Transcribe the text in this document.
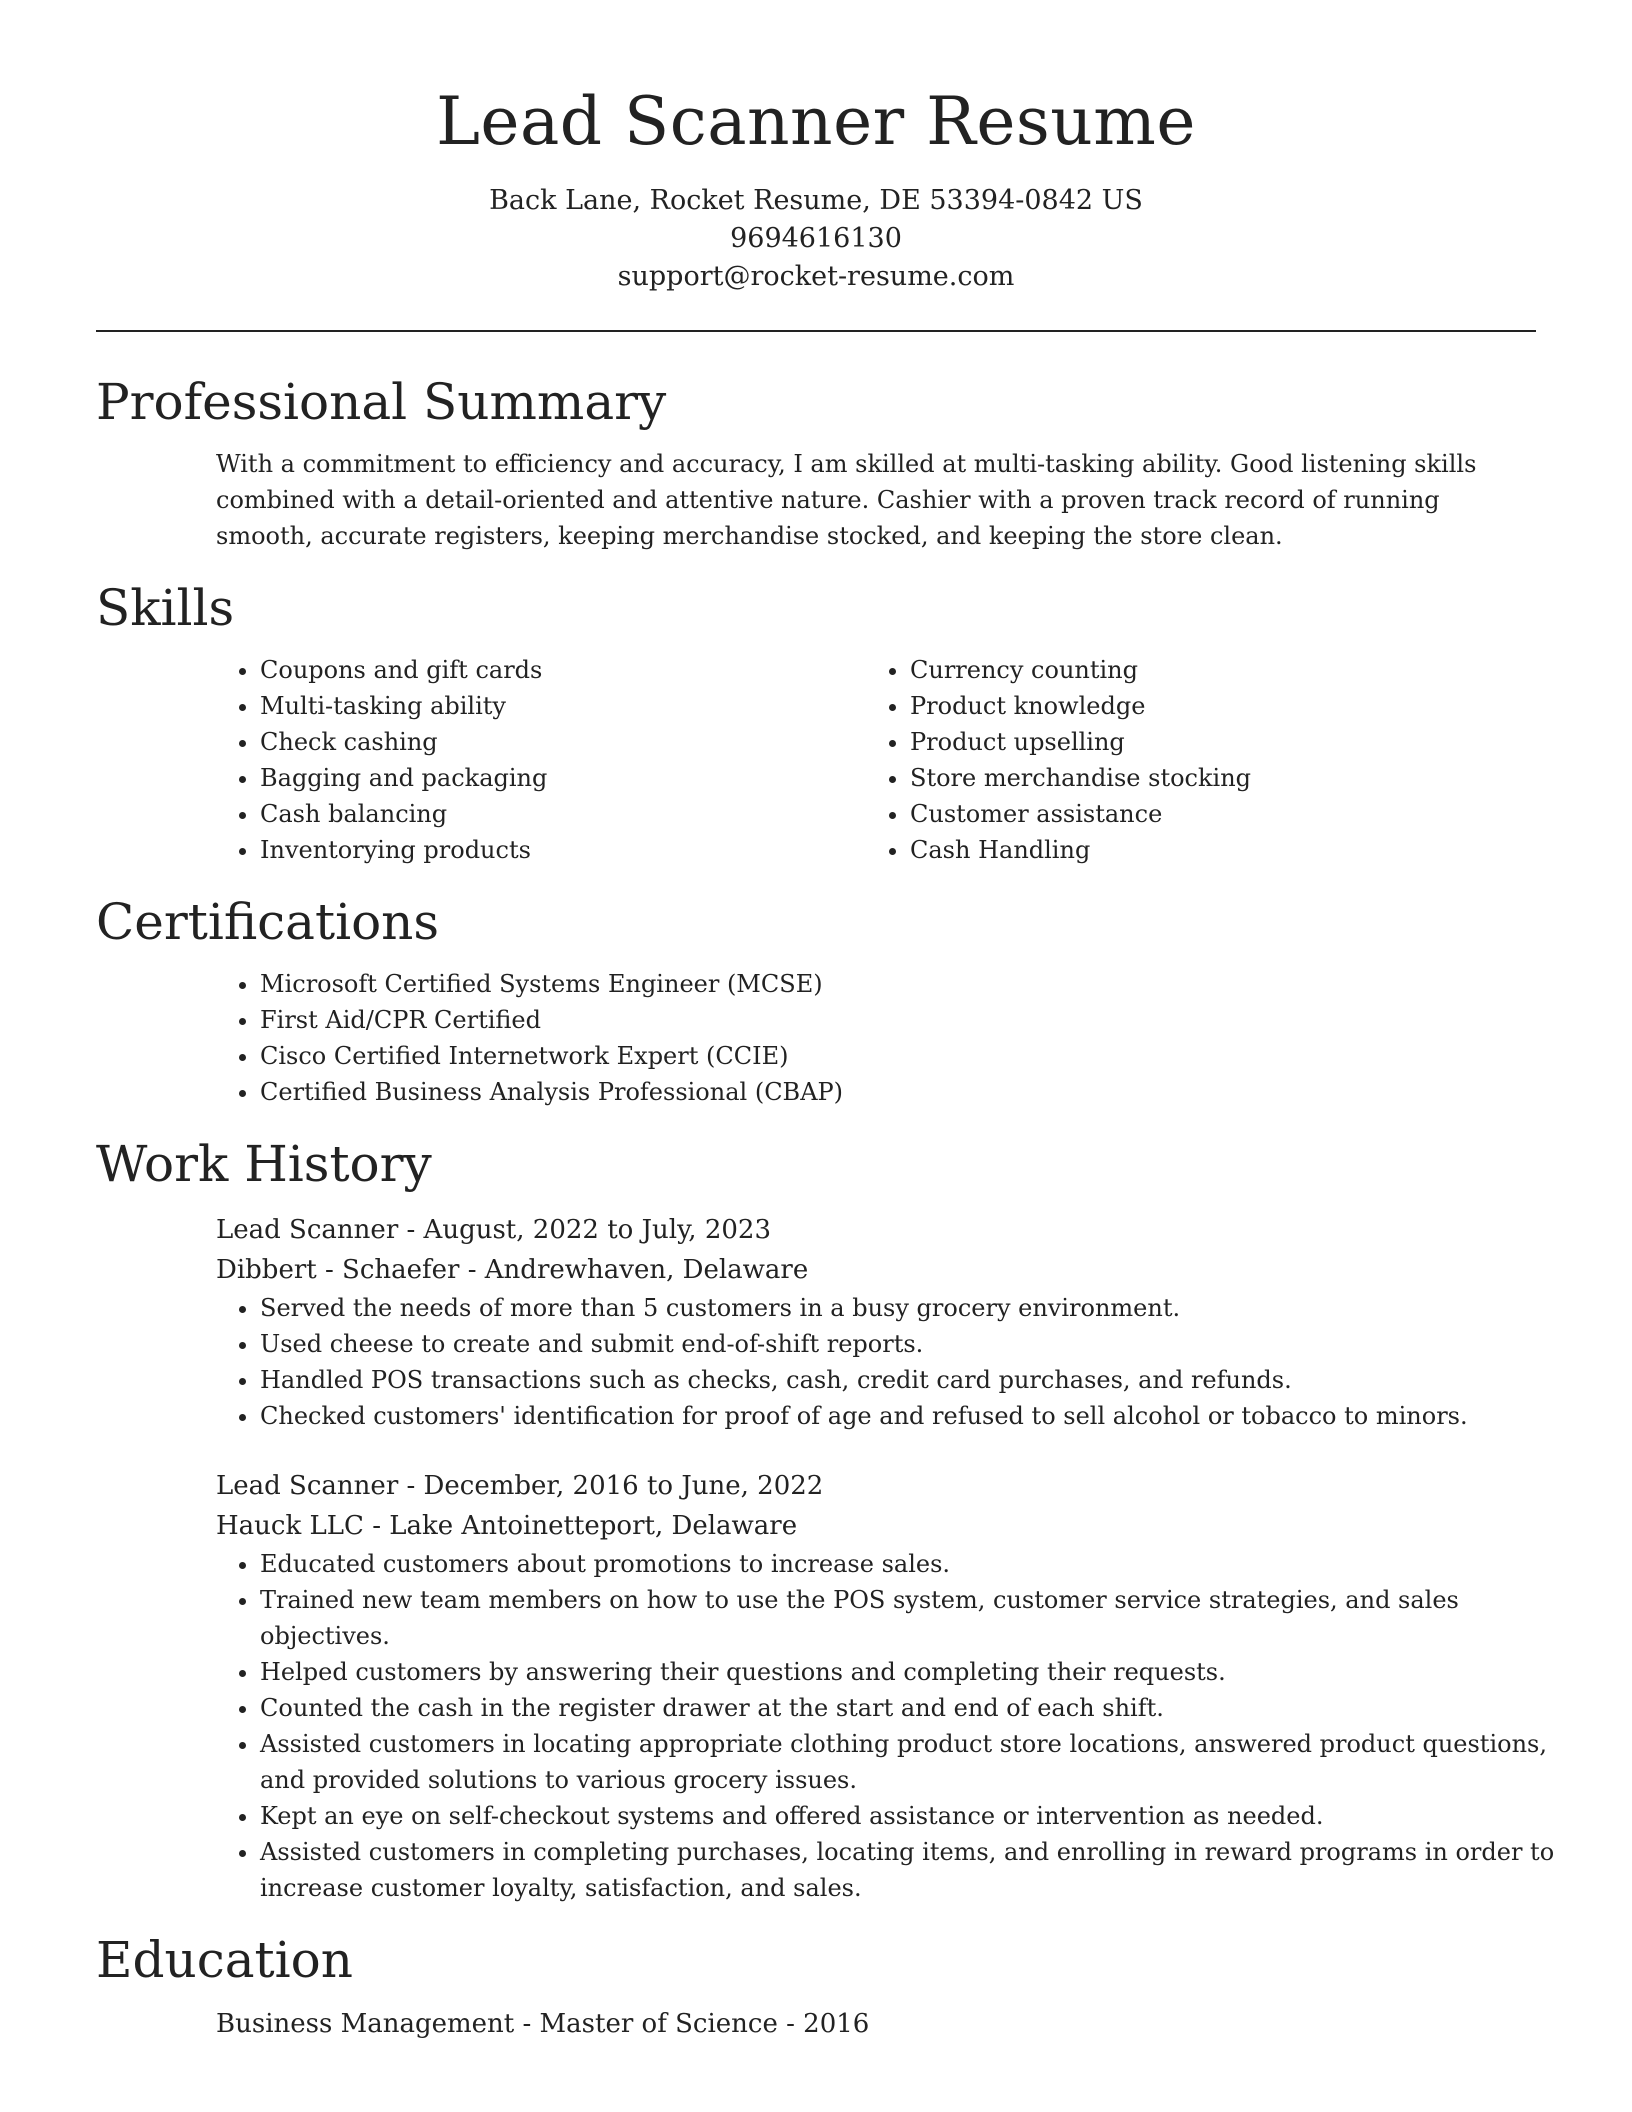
Lead Scanner Resume
Back Lane, Rocket Resume, DE 53394-0842 US
9694616130
support@rocket-resume.com
Professional Summary
With a commitment to efficiency and accuracy, I am skilled at multi-tasking ability. Good listening skills combined with a detail-oriented and attentive nature. Cashier with a proven track record of running smooth, accurate registers, keeping merchandise stocked, and keeping the store clean.
Skills
• Coupons and gift cards
• Multi-tasking ability
• Check cashing
• Bagging and packaging
• Cash balancing
• Inventorying products
• Currency counting
• Product knowledge
• Product upselling
• Store merchandise stocking
• Customer assistance
• Cash Handling
Certifications
• Microsoft Certified Systems Engineer (MCSE)
• First Aid/CPR Certified
• Cisco Certified Internetwork Expert (CCIE)
• Certified Business Analysis Professional (CBAP)
Work History
Lead Scanner - August, 2022 to July, 2023
Dibbert - Schaefer - Andrewhaven, Delaware
• Served the needs of more than 5 customers in a busy grocery environment.
• Used cheese to create and submit end-of-shift reports.
• Handled POS transactions such as checks, cash, credit card purchases, and refunds.
• Checked customers' identification for proof of age and refused to sell alcohol or tobacco to minors.
Lead Scanner - December, 2016 to June, 2022
Hauck LLC - Lake Antoinetteport, Delaware
• Educated customers about promotions to increase sales.
• Trained new team members on how to use the POS system, customer service strategies, and sales objectives.
• Helped customers by answering their questions and completing their requests.
• Counted the cash in the register drawer at the start and end of each shift.
• Assisted customers in locating appropriate clothing product store locations, answered product questions, and provided solutions to various grocery issues.
• Kept an eye on self-checkout systems and offered assistance or intervention as needed.
• Assisted customers in completing purchases, locating items, and enrolling in reward programs in order to increase customer loyalty, satisfaction, and sales.
Education
Business Management - Master of Science - 2016
